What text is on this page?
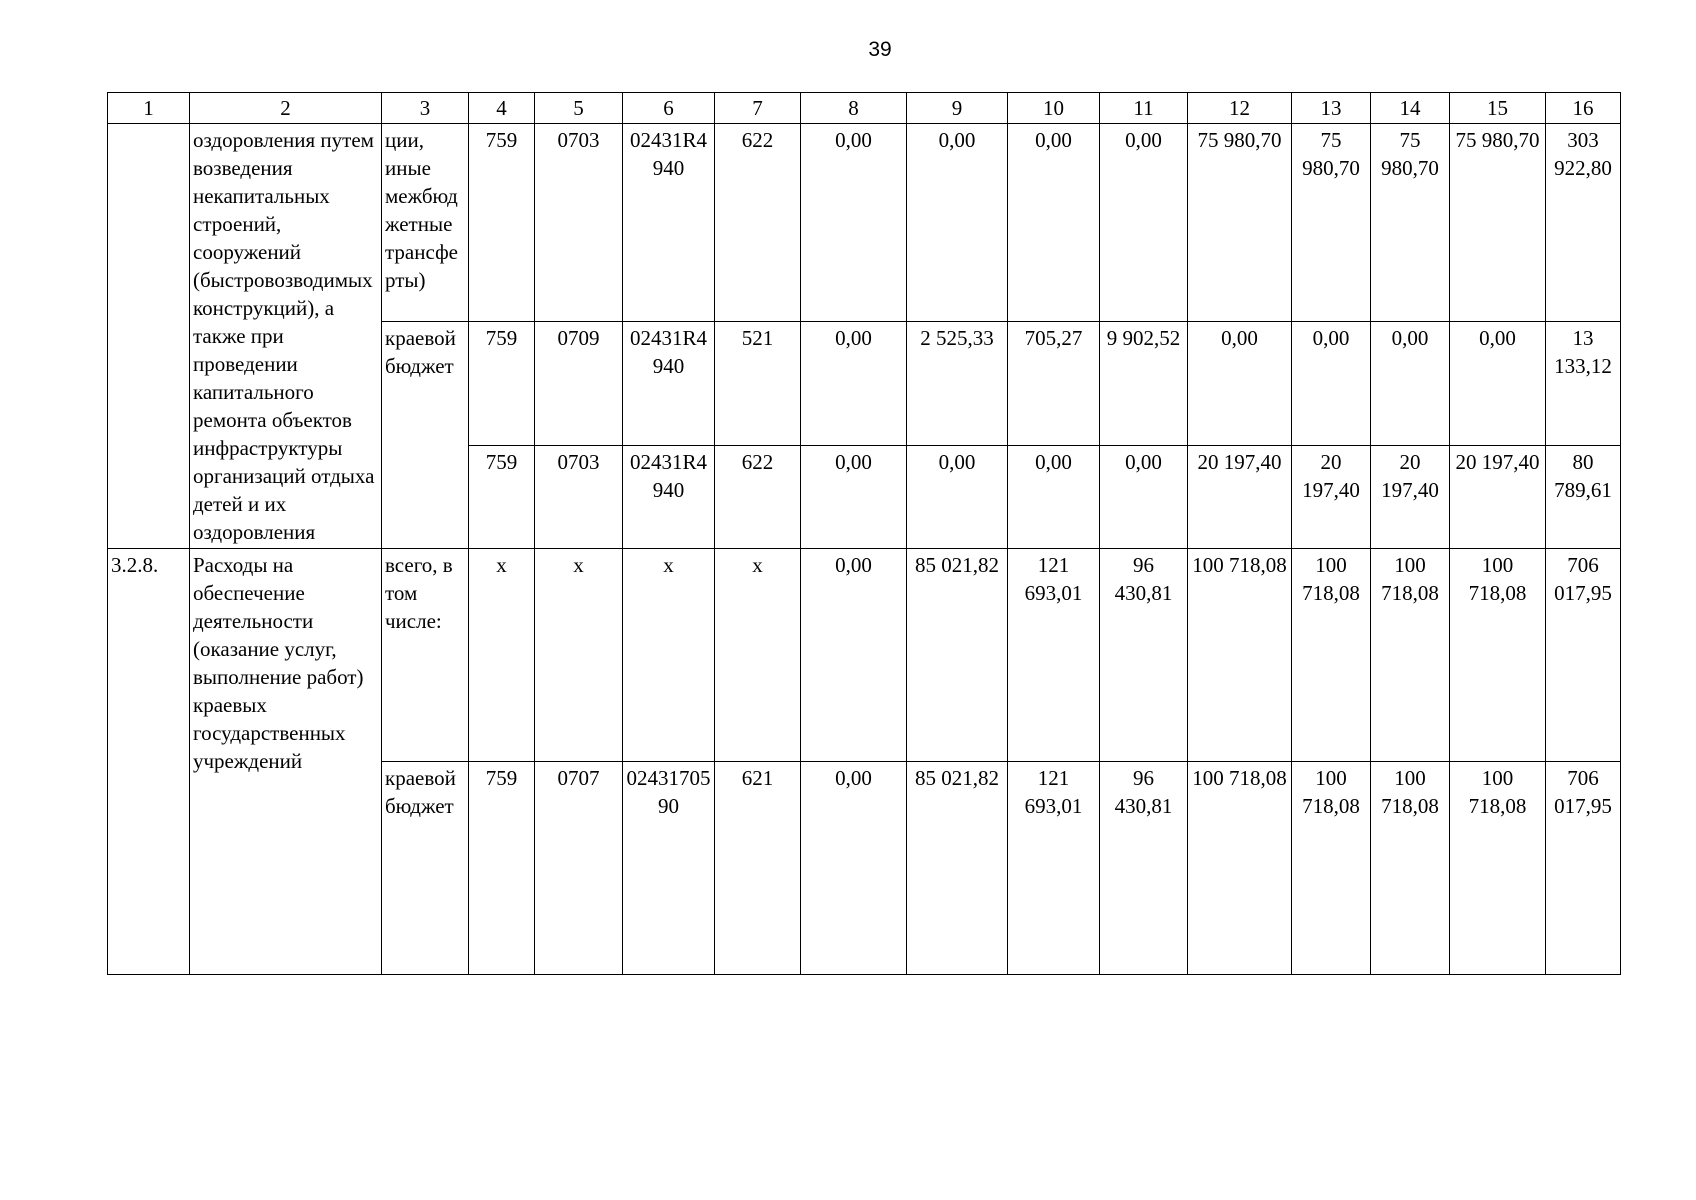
39
1	2	3	4	5	6	7	8	9	10	11	12	13	14	15	16
	оздоровления путем возведения некапитальных строений, сооружений (быстровозводимых конструкций), а также при проведении капитального ремонта объектов инфраструктуры организаций отдыха детей и их оздоровления	ции, иные межбюджетные трансферты)	759	0703	02431R4940	622	0,00	0,00	0,00	0,00	75 980,70	75 980,70	75 980,70	75 980,70	303 922,80
		краевой бюджет	759	0709	02431R4940	521	0,00	2 525,33	705,27	9 902,52	0,00	0,00	0,00	0,00	13 133,12
			759	0703	02431R4940	622	0,00	0,00	0,00	0,00	20 197,40	20 197,40	20 197,40	20 197,40	80 789,61
3.2.8.	Расходы на обеспечение деятельности (оказание услуг, выполнение работ) краевых государственных учреждений	всего, в том числе:	х	х	х	х	0,00	85 021,82	121 693,01	96 430,81	100 718,08	100 718,08	100 718,08	100 718,08	706 017,95
		краевой бюджет	759	0707	0243170590	621	0,00	85 021,82	121 693,01	96 430,81	100 718,08	100 718,08	100 718,08	100 718,08	706 017,95
